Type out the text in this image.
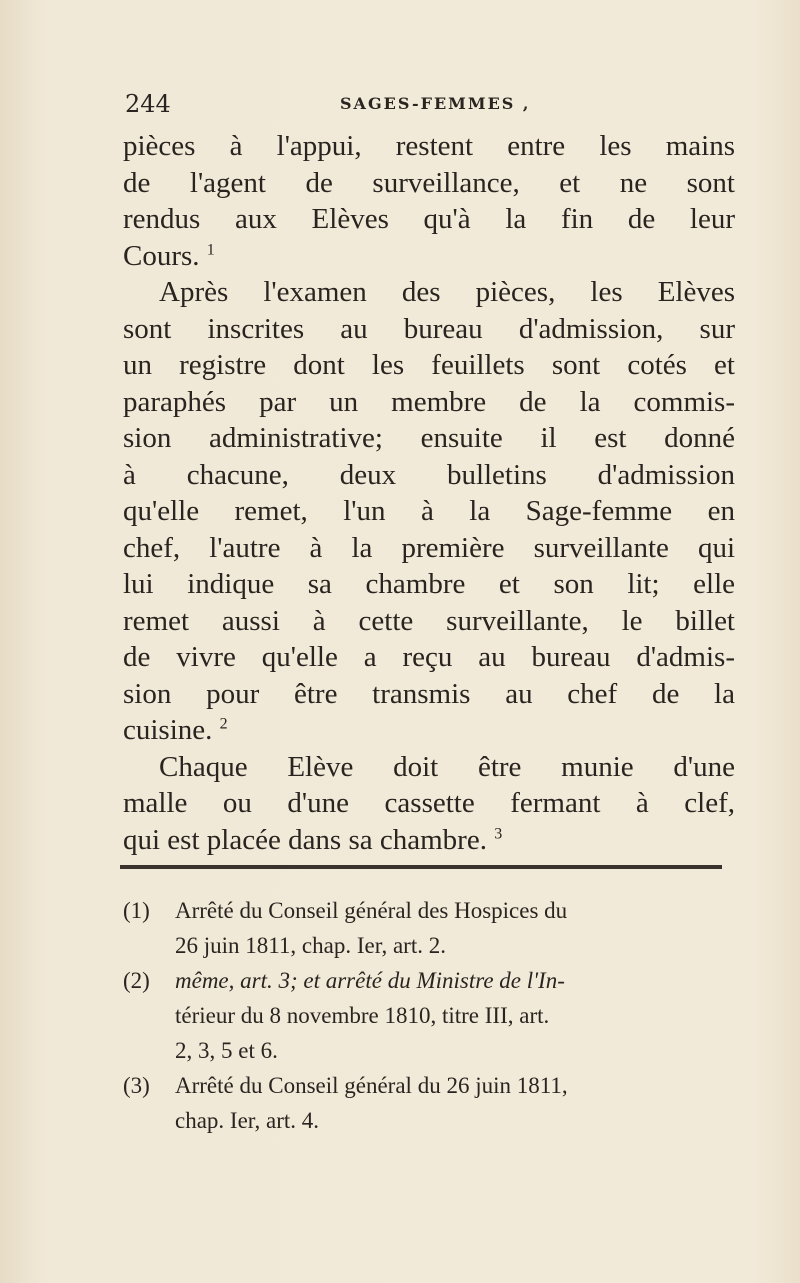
244	SAGES-FEMMES ,
pièces à l'appui, restent entre les mains
de l'agent de surveillance, et ne sont
rendus aux Elèves qu'à la fin de leur
Cours. $^1$
Après l'examen des pièces, les Elèves
sont inscrites au bureau d'admission, sur
un registre dont les feuillets sont cotés et
paraphés par un membre de la commis-
sion administrative; ensuite il est donné
à chacune, deux bulletins d'admission
qu'elle remet, l'un à la Sage-femme en
chef, l'autre à la première surveillante qui
lui indique sa chambre et son lit; elle
remet aussi à cette surveillante, le billet
de vivre qu'elle a reçu au bureau d'admis-
sion pour être transmis au chef de la
cuisine. $^2$
Chaque Elève doit être munie d'une
malle ou d'une cassette fermant à clef,
qui est placée dans sa chambre. $^3$
(1) Arrêté du Conseil général des Hospices du
26 juin 1811, chap. Ier, art. 2.
(2) même, art. 3; et arrêté du Ministre de l'In-
térieur du 8 novembre 1810, titre III, art.
2, 3, 5 et 6.
(3) Arrêté du Conseil général du 26 juin 1811,
chap. Ier, art. 4.
